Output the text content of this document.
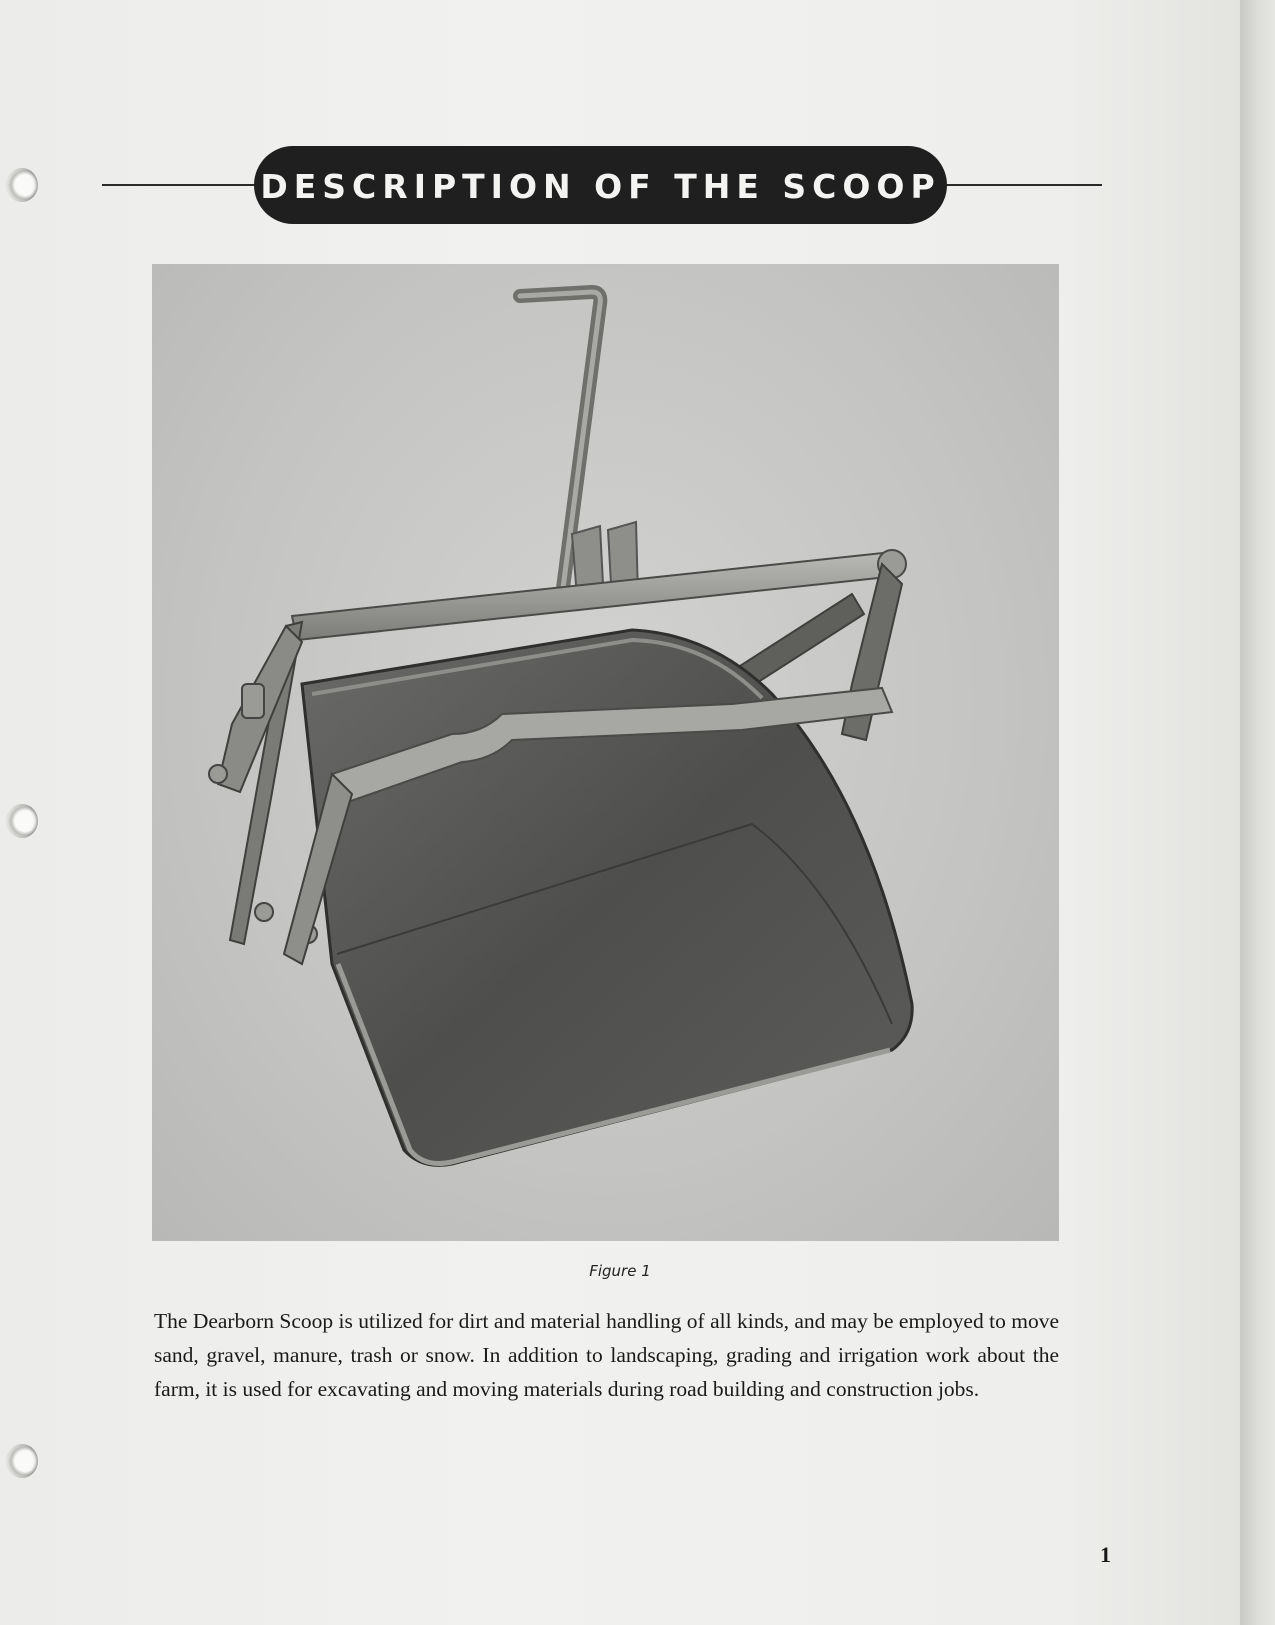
DESCRIPTION OF THE SCOOP
Figure 1
The Dearborn Scoop is utilized for dirt and material handling of all kinds, and may be employed to move sand, gravel, manure, trash or snow. In addition to landscaping, grading and irrigation work about the farm, it is used for excavating and moving materials during road building and construction jobs.
1
